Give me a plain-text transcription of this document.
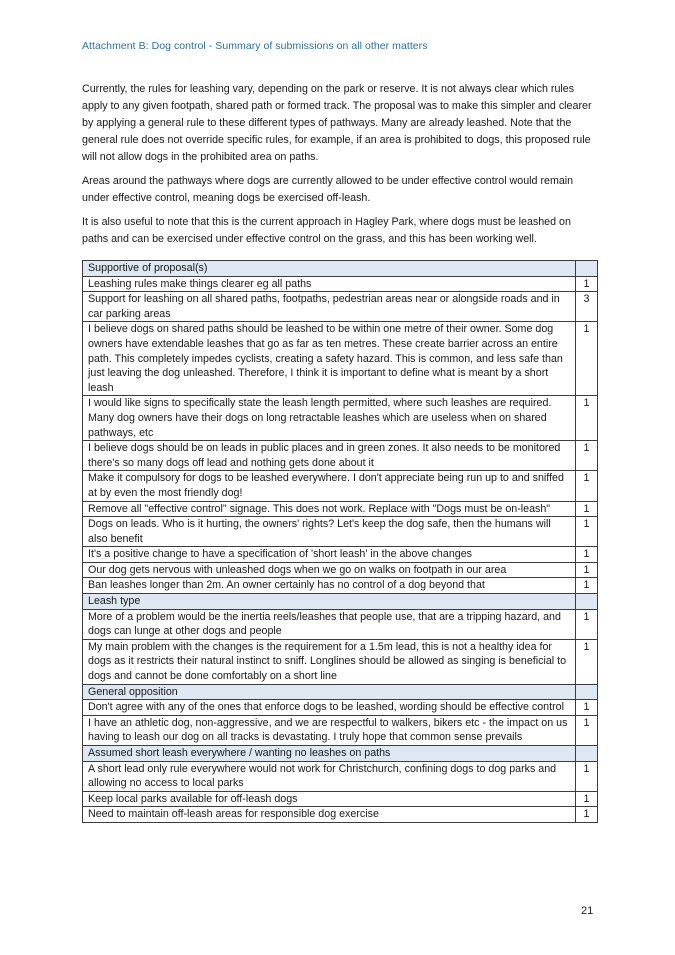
Attachment B: Dog control - Summary of submissions on all other matters

Currently, the rules for leashing vary, depending on the park or reserve. It is not always clear which rules apply to any given footpath, shared path or formed track. The proposal was to make this simpler and clearer by applying a general rule to these different types of pathways. Many are already leashed. Note that the general rule does not override specific rules, for example, if an area is prohibited to dogs, this proposed rule will not allow dogs in the prohibited area on paths.

Areas around the pathways where dogs are currently allowed to be under effective control would remain under effective control, meaning dogs be exercised off-leash.

It is also useful to note that this is the current approach in Hagley Park, where dogs must be leashed on paths and can be exercised under effective control on the grass, and this has been working well.

Supportive of proposal(s)	
Leashing rules make things clearer eg all paths	1
Support for leashing on all shared paths, footpaths, pedestrian areas near or alongside roads and in car parking areas	3
I believe dogs on shared paths should be leashed to be within one metre of their owner. Some dog owners have extendable leashes that go as far as ten metres. These create barrier across an entire path. This completely impedes cyclists, creating a safety hazard. This is common, and less safe than just leaving the dog unleashed. Therefore, I think it is important to define what is meant by a short leash	1
I would like signs to specifically state the leash length permitted, where such leashes are required. Many dog owners have their dogs on long retractable leashes which are useless when on shared pathways, etc	1
I believe dogs should be on leads in public places and in green zones. It also needs to be monitored there's so many dogs off lead and nothing gets done about it	1
Make it compulsory for dogs to be leashed everywhere. I don't appreciate being run up to and sniffed at by even the most friendly dog!	1
Remove all "effective control" signage. This does not work. Replace with "Dogs must be on-leash"	1
Dogs on leads. Who is it hurting, the owners' rights? Let's keep the dog safe, then the humans will also benefit	1
It's a positive change to have a specification of 'short leash' in the above changes	1
Our dog gets nervous with unleashed dogs when we go on walks on footpath in our area	1
Ban leashes longer than 2m. An owner certainly has no control of a dog beyond that	1
Leash type	
More of a problem would be the inertia reels/leashes that people use, that are a tripping hazard, and dogs can lunge at other dogs and people	1
My main problem with the changes is the requirement for a 1.5m lead, this is not a healthy idea for dogs as it restricts their natural instinct to sniff. Longlines should be allowed as singing is beneficial to dogs and cannot be done comfortably on a short line	1
General opposition	
Don't agree with any of the ones that enforce dogs to be leashed, wording should be effective control	1
I have an athletic dog, non-aggressive, and we are respectful to walkers, bikers etc - the impact on us having to leash our dog on all tracks is devastating. I truly hope that common sense prevails	1
Assumed short leash everywhere / wanting no leashes on paths	
A short lead only rule everywhere would not work for Christchurch, confining dogs to dog parks and allowing no access to local parks	1
Keep local parks available for off-leash dogs	1
Need to maintain off-leash areas for responsible dog exercise	1
21
